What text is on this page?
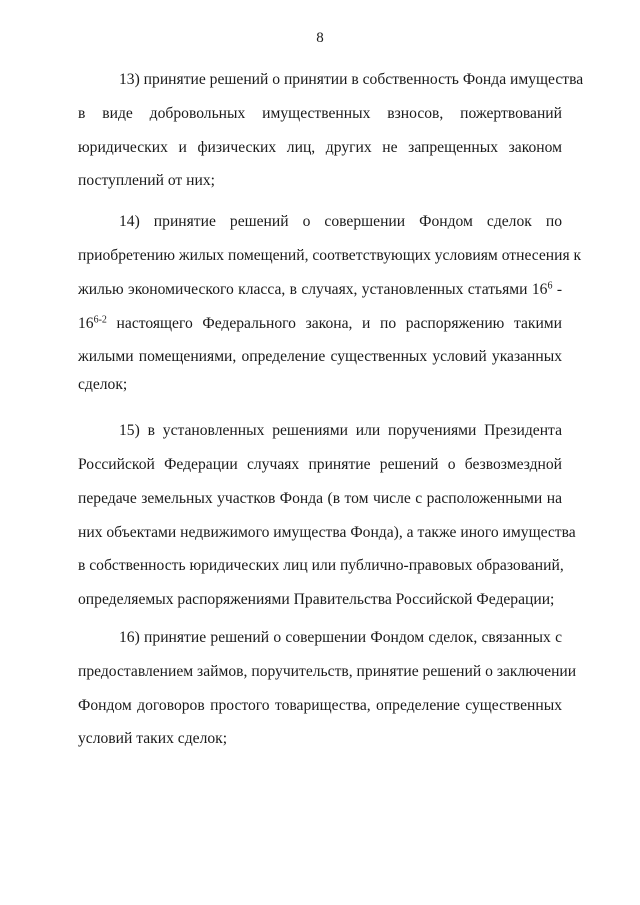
8
13) принятие решений о принятии в собственность Фонда имущества
в виде добровольных имущественных взносов, пожертвований
юридических и физических лиц, других не запрещенных законом
поступлений от них;
14) принятие решений о совершении Фондом сделок по
приобретению жилых помещений, соответствующих условиям отнесения к
жилью экономического класса, в случаях, установленных статьями $16^6$ -
16$^{6-2}$ настоящего Федерального закона, и по распоряжению такими
жилыми помещениями, определение существенных условий указанных
сделок;
15) в установленных решениями или поручениями Президента
Российской Федерации случаях принятие решений о безвозмездной
передаче земельных участков Фонда (в том числе с расположенными на
них объектами недвижимого имущества Фонда), а также иного имущества
в собственность юридических лиц или публично-правовых образований,
определяемых распоряжениями Правительства Российской Федерации;
16) принятие решений о совершении Фондом сделок, связанных с
предоставлением займов, поручительств, принятие решений о заключении
Фондом договоров простого товарищества, определение существенных
условий таких сделок;
